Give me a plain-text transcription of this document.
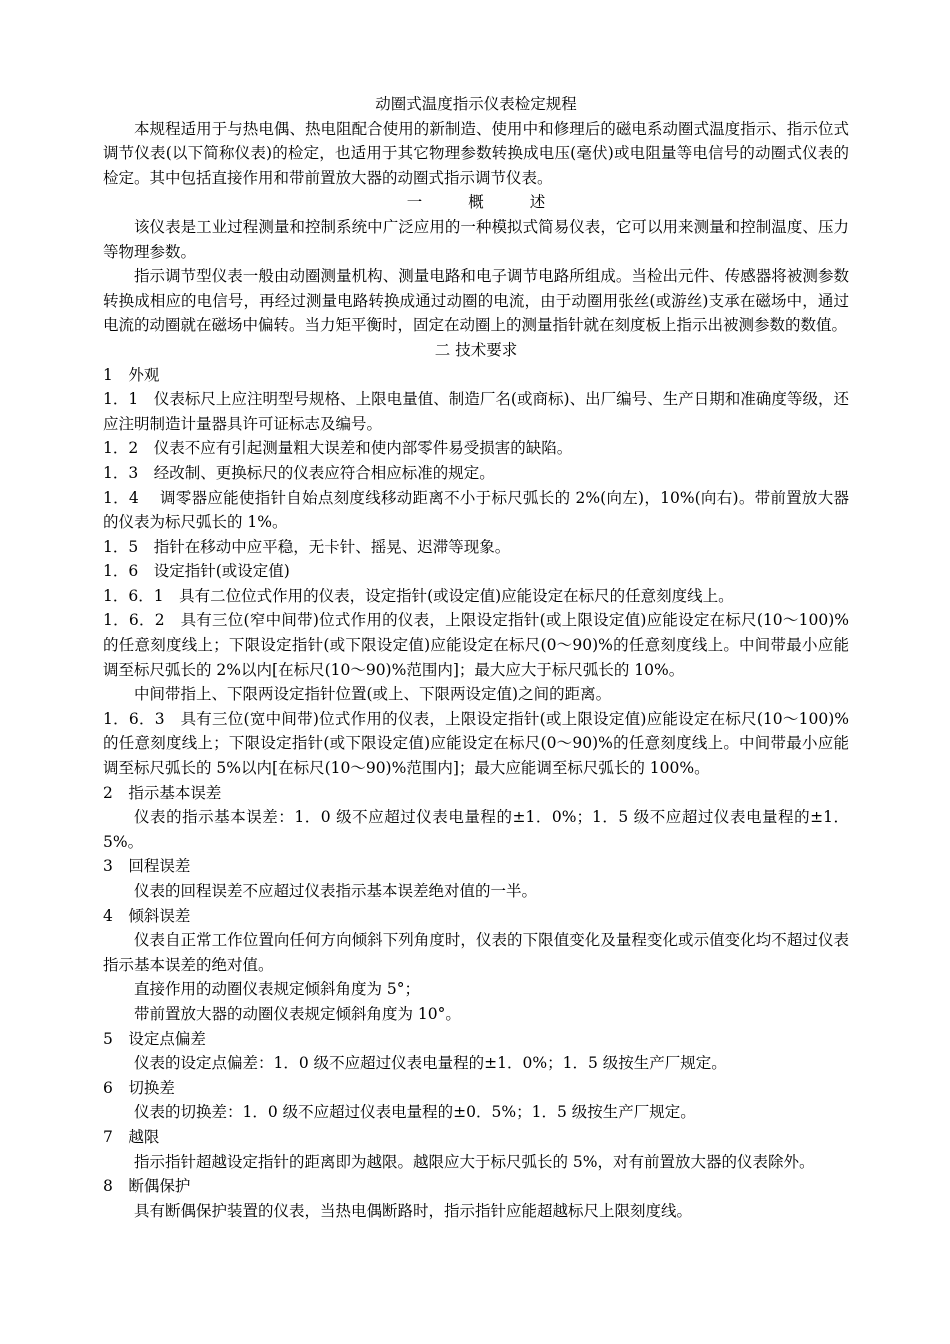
动圈式温度指示仪表检定规程

本规程适用于与热电偶、热电阻配合使用的新制造、使用中和修理后的磁电系动圈式温度指示、指示位式调节仪表(以下简称仪表)的检定，也适用于其它物理参数转换成电压(毫伏)或电阻量等电信号的动圈式仪表的检定。其中包括直接作用和带前置放大器的动圈式指示调节仪表。

一	概述

该仪表是工业过程测量和控制系统中广泛应用的一种模拟式简易仪表，它可以用来测量和控制温度、压力等物理参数。

指示调节型仪表一般由动圈测量机构、测量电路和电子调节电路所组成。当检出元件、传感器将被测参数转换成相应的电信号，再经过测量电路转换成通过动圈的电流，由于动圈用张丝(或游丝)支承在磁场中，通过电流的动圈就在磁场中偏转。当力矩平衡时，固定在动圈上的测量指针就在刻度板上指示出被测参数的数值。

二 技术要求

1　外观

1．1　仪表标尺上应注明型号规格、上限电量值、制造厂名(或商标)、出厂编号、生产日期和准确度等级，还应注明制造计量器具许可证标志及编号。

1．2　仪表不应有引起测量粗大误差和使内部零件易受损害的缺陷。

1．3　经改制、更换标尺的仪表应符合相应标准的规定。

1．4　 调零器应能使指针自始点刻度线移动距离不小于标尺弧长的 2%(向左)，10%(向右)。带前置放大器的仪表为标尺弧长的 1%。

1．5　指针在移动中应平稳，无卡针、摇晃、迟滞等现象。

1．6　设定指针(或设定值)

1．6．1　具有二位位式作用的仪表，设定指针(或设定值)应能设定在标尺的任意刻度线上。

1．6．2　具有三位(窄中间带)位式作用的仪表，上限设定指针(或上限设定值)应能设定在标尺(10～100)%的任意刻度线上；下限设定指针(或下限设定值)应能设定在标尺(0～90)%的任意刻度线上。中间带最小应能调至标尺弧长的 2%以内[在标尺(10～90)%范围内]；最大应大于标尺弧长的 10%。

中间带指上、下限两设定指针位置(或上、下限两设定值)之间的距离。

1．6．3　具有三位(宽中间带)位式作用的仪表，上限设定指针(或上限设定值)应能设定在标尺(10～100)%的任意刻度线上；下限设定指针(或下限设定值)应能设定在标尺(0～90)%的任意刻度线上。中间带最小应能调至标尺弧长的 5%以内[在标尺(10～90)%范围内]；最大应能调至标尺弧长的 100%。

2　指示基本误差

仪表的指示基本误差：1．0 级不应超过仪表电量程的±1．0%；1．5 级不应超过仪表电量程的±1．5%。

3　回程误差

仪表的回程误差不应超过仪表指示基本误差绝对值的一半。

4　倾斜误差

仪表自正常工作位置向任何方向倾斜下列角度时，仪表的下限值变化及量程变化或示值变化均不超过仪表指示基本误差的绝对值。

直接作用的动圈仪表规定倾斜角度为 5°；

带前置放大器的动圈仪表规定倾斜角度为 10°。

5　设定点偏差

仪表的设定点偏差：1．0 级不应超过仪表电量程的±1．0%；1．5 级按生产厂规定。

6　切换差

仪表的切换差：1．0 级不应超过仪表电量程的±0．5%；1．5 级按生产厂规定。

7　越限

指示指针超越设定指针的距离即为越限。越限应大于标尺弧长的 5%，对有前置放大器的仪表除外。

8　断偶保护

具有断偶保护装置的仪表，当热电偶断路时，指示指针应能超越标尺上限刻度线。
